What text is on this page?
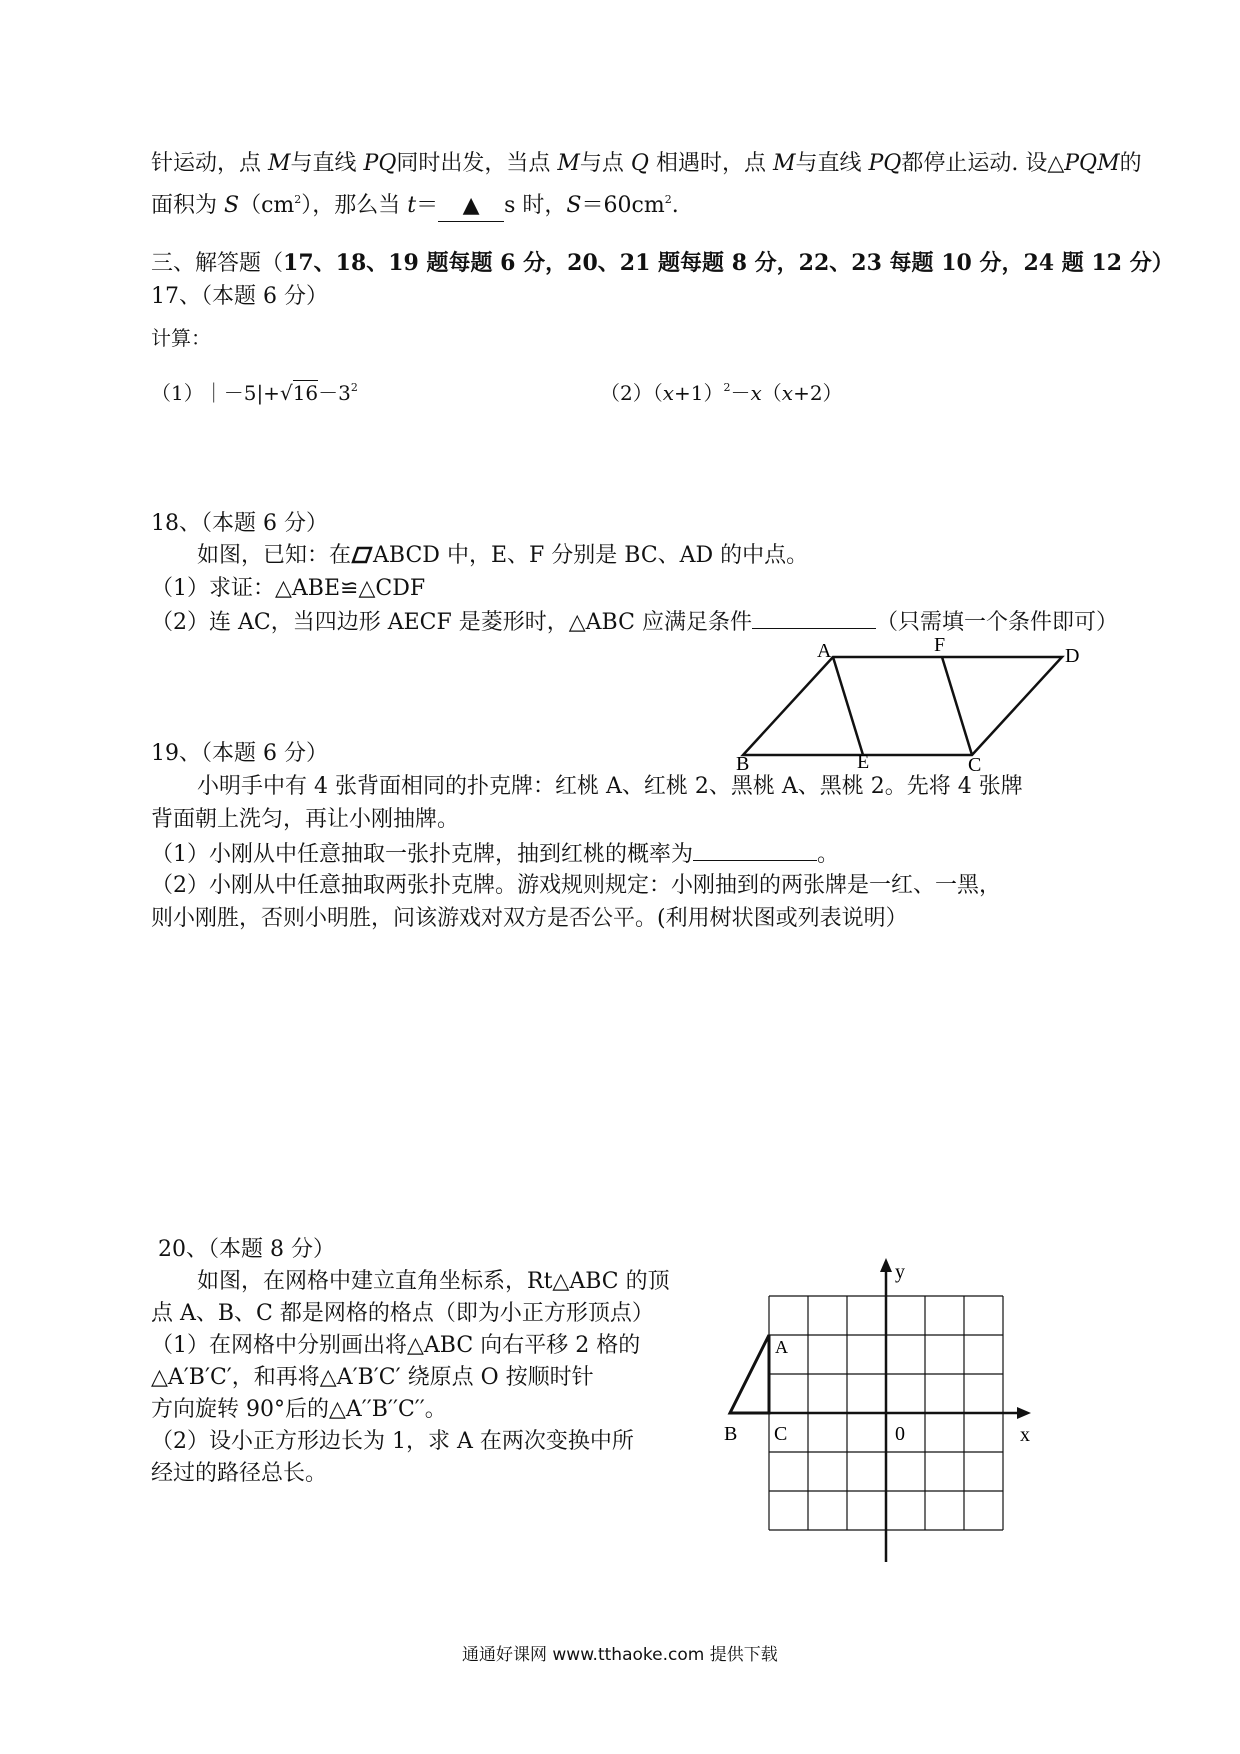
针运动，点 M与直线 PQ同时出发，当点 M与点 Q 相遇时，点 M与直线 PQ都停止运动. 设△PQM的
面积为 $S(cm^2)$，那么当 t＝ ▲ s 时，$S=60cm^2$.
三、解答题（17、18、19 题每题 6 分，20、21 题每题 8 分，22、23 每题 10 分，24 题 12 分）
17、（本题 6 分）
计算：
$(1)|-5|+√16-3^2$	$(2)(x+1)^2-x(x+2)$
18、（本题 6 分）
如图，已知：在 ABCD 中，E、F 分别是 BC、AD 的中点。
（1）求证：△ABE≌△CDF
（2）连 AC，当四边形 AECF 是菱形时，△ABC 应满足条件	（只需填一个条件即可）
A	F	D
B	E	C
19、（本题 6 分）
小明手中有 4 张背面相同的扑克牌：红桃 A、红桃 2、黑桃 A、黑桃 2。先将 4 张牌
背面朝上洗匀，再让小刚抽牌。
（1）小刚从中任意抽取一张扑克牌，抽到红桃的概率为	。
（2）小刚从中任意抽取两张扑克牌。游戏规则规定：小刚抽到的两张牌是一红、一黑，
则小刚胜，否则小明胜，问该游戏对双方是否公平。(利用树状图或列表说明）
20、（本题 8 分）
如图，在网格中建立直角坐标系，Rt△ABC 的顶
点 A、B、C 都是网格的格点（即为小正方形顶点）
（1）在网格中分别画出将△ABC 向右平移 2 格的
△A′B′C′，和再将△A′B′C′ 绕原点 O 按顺时针
方向旋转 90°后的△A′′B′′C′′。
（2）设小正方形边长为 1，求 A 在两次变换中所
经过的路径总长。
y
x
0
A
B C
通通好课网 www.tthaoke.com 提供下载
